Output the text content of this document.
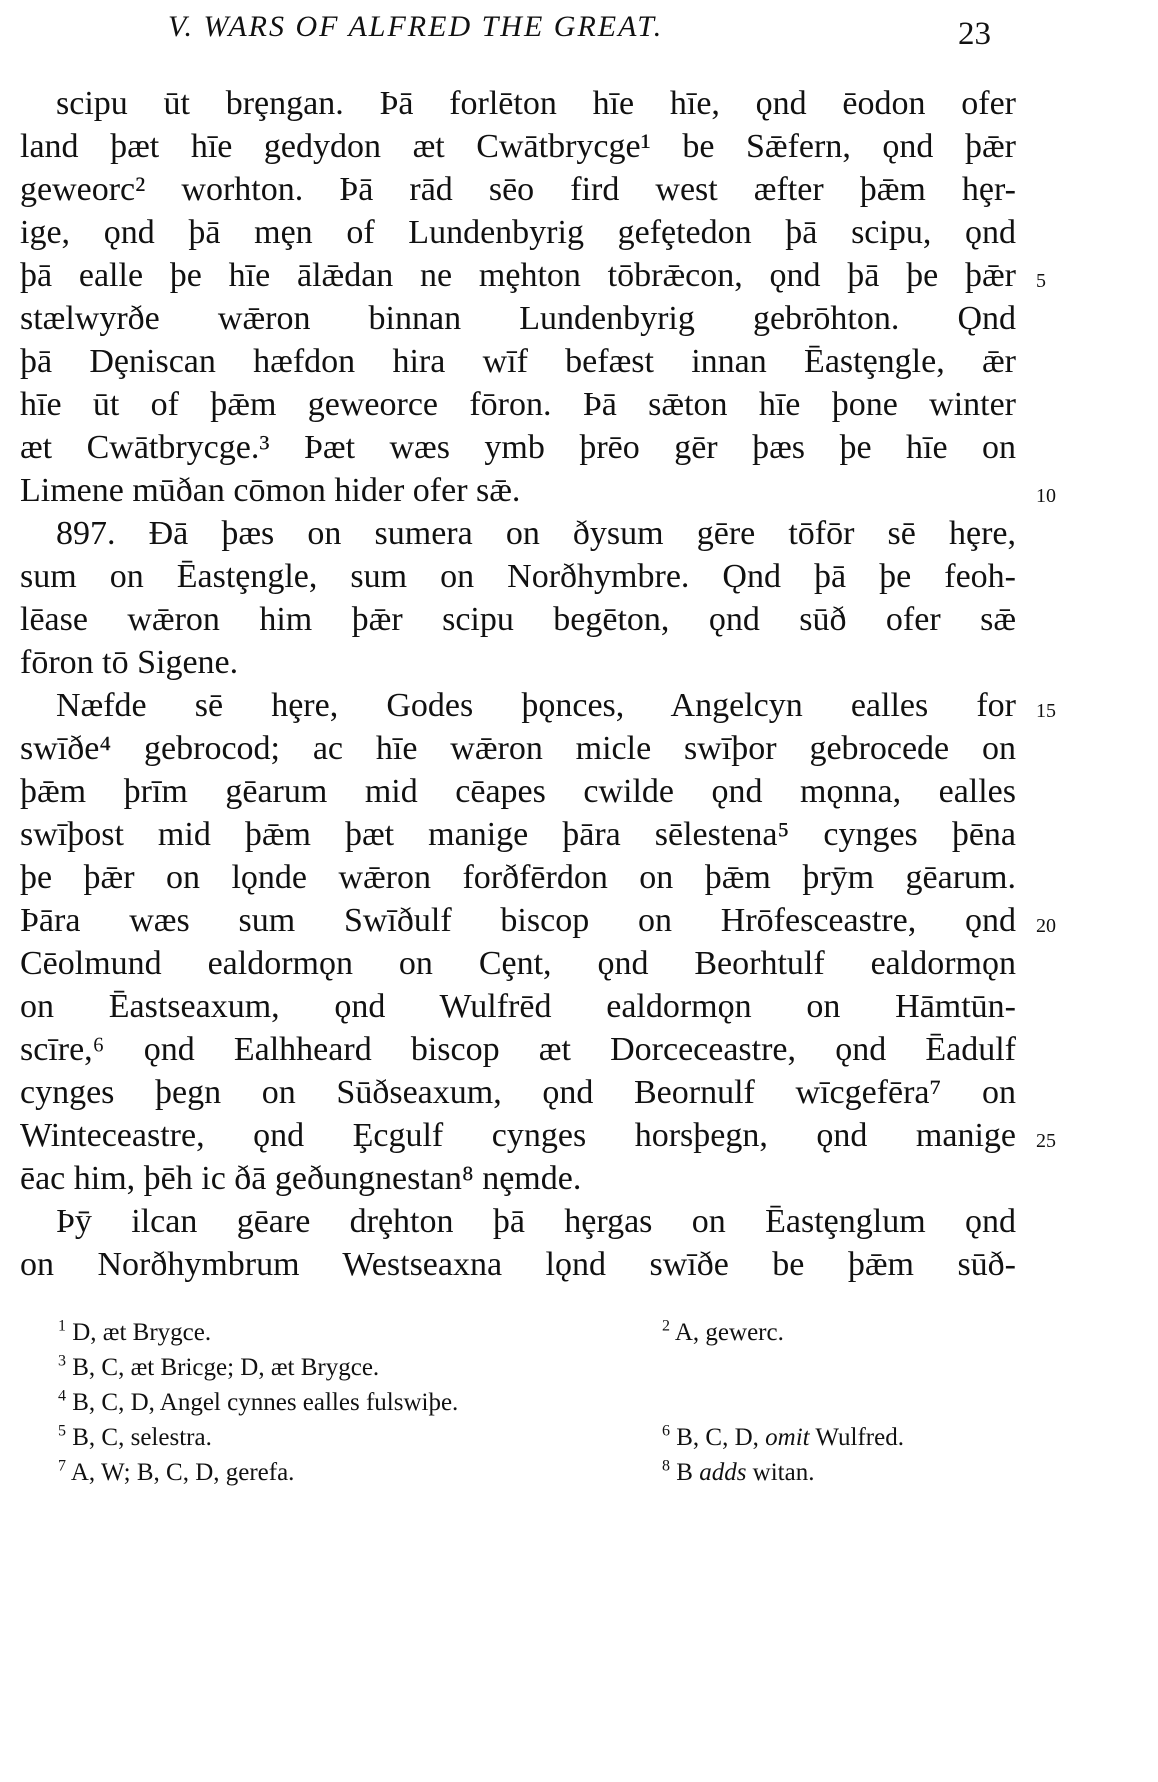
V. WARS OF ALFRED THE GREAT.	23
scipu ūt brȩngan. Þā forlēton hīe hīe, ǫnd ēodon ofer
land þæt hīe gedydon æt Cwātbrycge¹ be Sǣfern, ǫnd þǣr
geweorc² worhton. Þā rād sēo fird west æfter þǣm hȩr-
ige, ǫnd þā mȩn of Lundenbyrig gefȩtedon þā scipu, ǫnd
þā ealle þe hīe ālǣdan ne mȩhton tōbrǣcon, ǫnd þā þe þǣr
stælwyrðe wǣron binnan Lundenbyrig gebrōhton. Ǫnd
þā Dȩniscan hæfdon hira wīf befæst innan Ēastȩngle, ǣr
hīe ūt of þǣm geweorce fōron. Þā sǣton hīe þone winter
æt Cwātbrycge.³ Þæt wæs ymb þrēo gēr þæs þe hīe on
Limene mūðan cōmon hider ofer sǣ.
897. Ðā þæs on sumera on ðysum gēre tōfōr sē hȩre,
sum on Ēastȩngle, sum on Norðhymbre. Ǫnd þā þe feoh-
lēase wǣron him þǣr scipu begēton, ǫnd sūð ofer sǣ
fōron tō Sigene.
Næfde sē hȩre, Godes þǫnces, Angelcyn ealles for
swīðe⁴ gebrocod; ac hīe wǣron micle swīþor gebrocede on
þǣm þrīm gēarum mid cēapes cwilde ǫnd mǫnna, ealles
swīþost mid þǣm þæt manige þāra sēlestena⁵ cynges þēna
þe þǣr on lǫnde wǣron forðfērdon on þǣm þrȳm gēarum.
Þāra wæs sum Swīðulf biscop on Hrōfesceastre, ǫnd
Cēolmund ealdormǫn on Cȩnt, ǫnd Beorhtulf ealdormǫn
on Ēastseaxum, ǫnd Wulfrēd ealdormǫn on Hāmtūn-
scīre,⁶ ǫnd Ealhheard biscop æt Dorceceastre, ǫnd Ēadulf
cynges þegn on Sūðseaxum, ǫnd Beornulf wīcgefēra⁷ on
Winteceastre, ǫnd Ȩcgulf cynges horsþegn, ǫnd manige
ēac him, þēh ic ðā geðungnestan⁸ nȩmde.
Þȳ ilcan gēare drȩhton þā hȩrgas on Ēastȩnglum ǫnd
on Norðhymbrum Westseaxna lǫnd swīðe be þǣm sūð-
5
10
15
20
25
$^1$ D, æt Brygce.	$^2$ A, gewerc.
$^3$ B, C, æt Bricge; D, æt Brygce.
$^4$ B, C, D, Angel cynnes ealles fulswiþe.
$^5$ B, C, selestra.	$^6$ B, C, D, omit Wulfred.
$^7$ A, W; B, C, D, gerefa.	$^8$ B adds witan.
